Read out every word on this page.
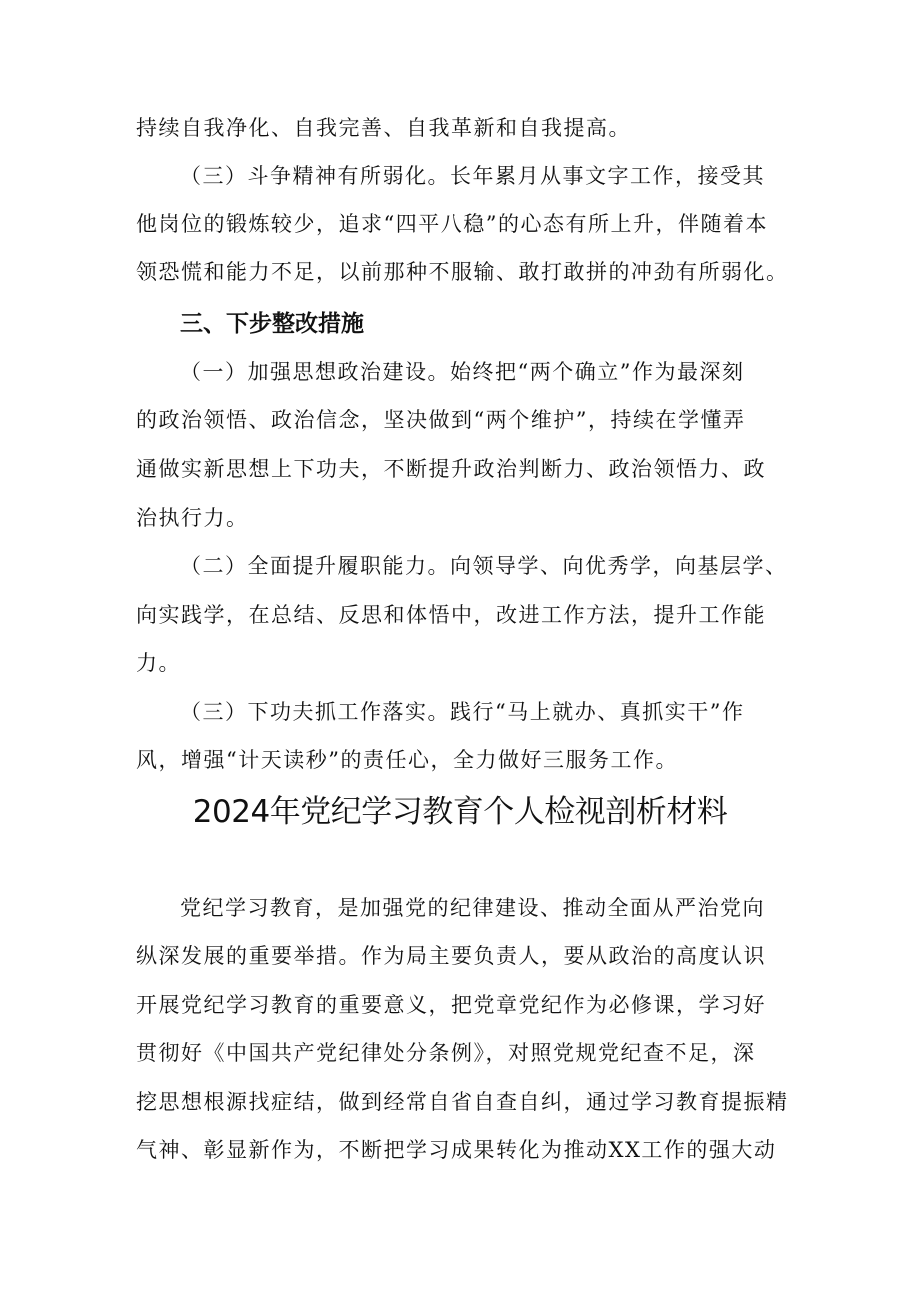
持续自我净化、自我完善、自我革新和自我提高。
（三）斗争精神有所弱化。长年累月从事文字工作，接受其
他岗位的锻炼较少，追求“四平八稳”的心态有所上升，伴随着本
领恐慌和能力不足，以前那种不服输、敢打敢拼的冲劲有所弱化。
三、下步整改措施
（一）加强思想政治建设。始终把“两个确立”作为最深刻
的政治领悟、政治信念，坚决做到“两个维护”，持续在学懂弄
通做实新思想上下功夫，不断提升政治判断力、政治领悟力、政
治执行力。
（二）全面提升履职能力。向领导学、向优秀学，向基层学、
向实践学，在总结、反思和体悟中，改进工作方法，提升工作能
力。
（三）下功夫抓工作落实。践行“马上就办、真抓实干”作
风，增强“计天读秒”的责任心，全力做好三服务工作。
2024年党纪学习教育个人检视剖析材料
党纪学习教育，是加强党的纪律建设、推动全面从严治党向
纵深发展的重要举措。作为局主要负责人，要从政治的高度认识
开展党纪学习教育的重要意义，把党章党纪作为必修课，学习好
贯彻好《中国共产党纪律处分条例》，对照党规党纪查不足，深
挖思想根源找症结，做到经常自省自查自纠，通过学习教育提振精
气神、彰显新作为，不断把学习成果转化为推动XX工作的强大动
